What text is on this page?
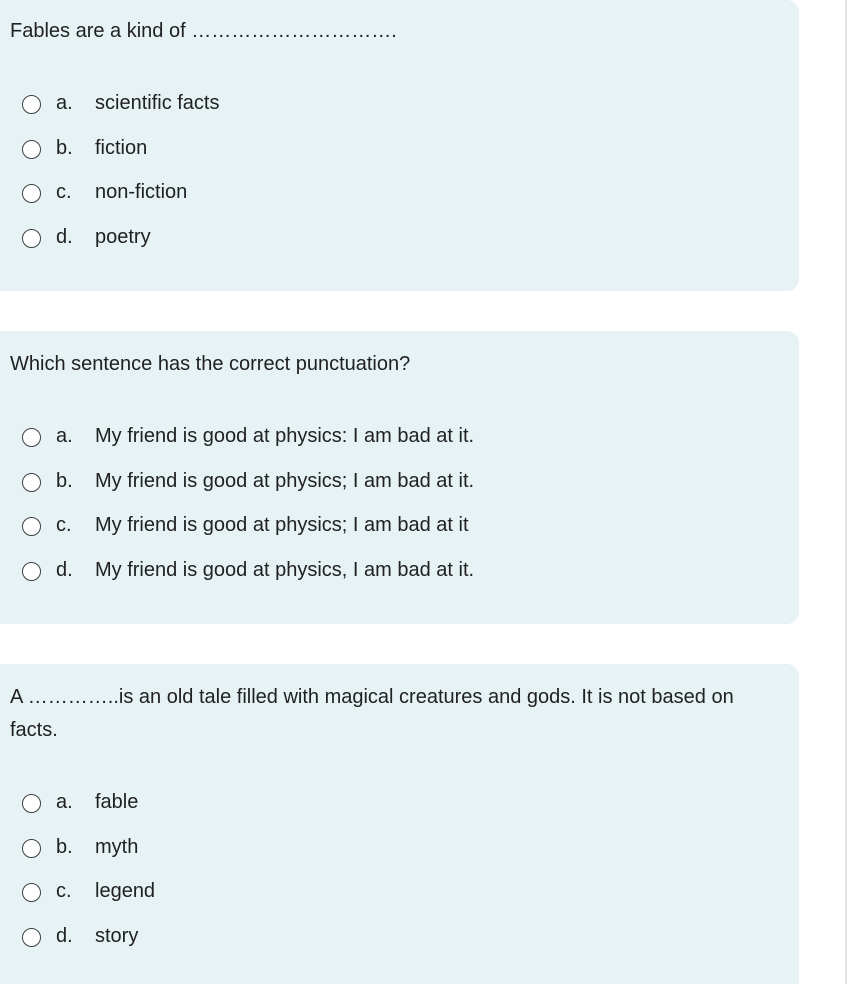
Fables are a kind of ………………………….
a. scientific facts
b. fiction
c. non-fiction
d. poetry
Which sentence has the correct punctuation?
a. My friend is good at physics: I am bad at it.
b. My friend is good at physics; I am bad at it.
c. My friend is good at physics; I am bad at it
d. My friend is good at physics, I am bad at it.
A …………..is an old tale filled with magical creatures and gods. It is not based on facts.
a. fable
b. myth
c. legend
d. story
